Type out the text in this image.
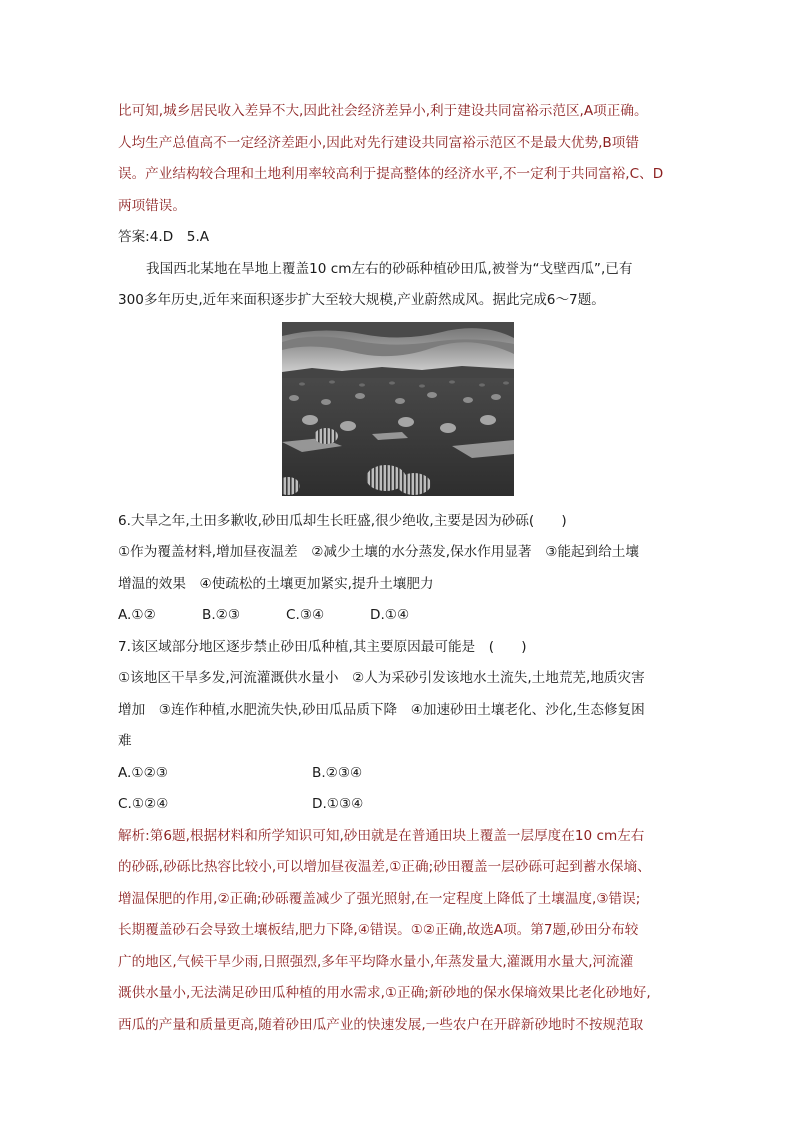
比可知,城乡居民收入差异不大,因此社会经济差异小,利于建设共同富裕示范区,A项正确。
人均生产总值高不一定经济差距小,因此对先行建设共同富裕示范区不是最大优势,B项错
误。产业结构较合理和土地利用率较高利于提高整体的经济水平,不一定利于共同富裕,C、D
两项错误。
答案:4.D　5.A
我国西北某地在旱地上覆盖10 cm左右的砂砾种植砂田瓜,被誉为“戈壁西瓜”,已有
300多年历史,近年来面积逐步扩大至较大规模,产业蔚然成风。据此完成6～7题。
6.大旱之年,土田多歉收,砂田瓜却生长旺盛,很少绝收,主要是因为砂砾(　　)
①作为覆盖材料,增加昼夜温差　②减少土壤的水分蒸发,保水作用显著　③能起到给土壤
增温的效果　④使疏松的土壤更加紧实,提升土壤肥力
A.①②	B.②③	C.③④	D.①④
7.该区域部分地区逐步禁止砂田瓜种植,其主要原因最可能是　(　　)
①该地区干旱多发,河流灌溉供水量小　②人为采砂引发该地水土流失,土地荒芜,地质灾害
增加　③连作种植,水肥流失快,砂田瓜品质下降　④加速砂田土壤老化、沙化,生态修复困
难
A.①②③	B.②③④
C.①②④	D.①③④
解析:第6题,根据材料和所学知识可知,砂田就是在普通田块上覆盖一层厚度在10 cm左右
的砂砾,砂砾比热容比较小,可以增加昼夜温差,①正确;砂田覆盖一层砂砾可起到蓄水保墒、
增温保肥的作用,②正确;砂砾覆盖减少了强光照射,在一定程度上降低了土壤温度,③错误;
长期覆盖砂石会导致土壤板结,肥力下降,④错误。①②正确,故选A项。第7题,砂田分布较
广的地区,气候干旱少雨,日照强烈,多年平均降水量小,年蒸发量大,灌溉用水量大,河流灌
溉供水量小,无法满足砂田瓜种植的用水需求,①正确;新砂地的保水保墒效果比老化砂地好,
西瓜的产量和质量更高,随着砂田瓜产业的快速发展,一些农户在开辟新砂地时不按规范取
